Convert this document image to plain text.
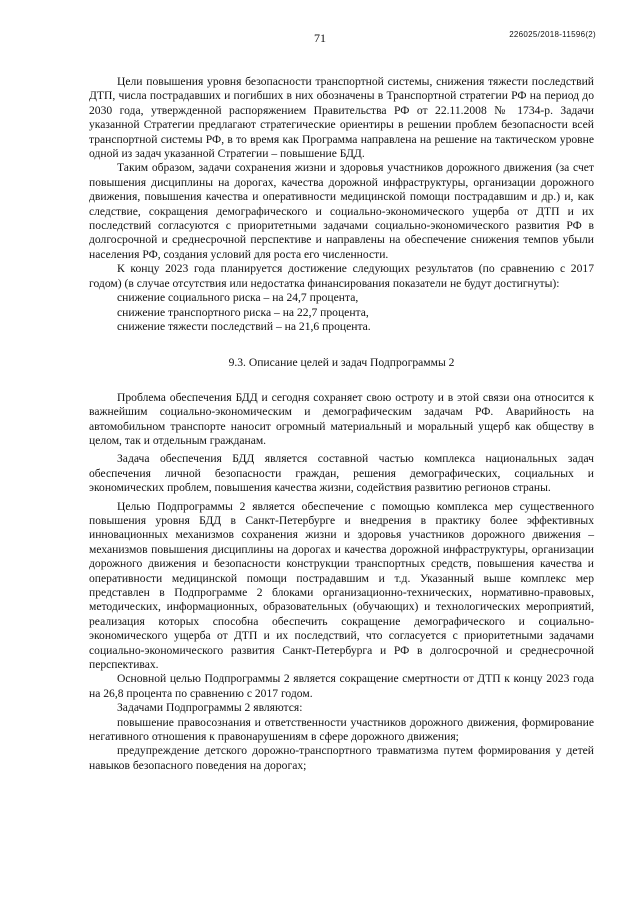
71	226025/2018-11596(2)

Цели повышения уровня безопасности транспортной системы, снижения тяжести последствий ДТП, числа пострадавших и погибших в них обозначены в Транспортной стратегии РФ на период до 2030 года, утвержденной распоряжением Правительства РФ от 22.11.2008 № 1734-р. Задачи указанной Стратегии предлагают стратегические ориентиры в решении проблем безопасности всей транспортной системы РФ, в то время как Программа направлена на решение на тактическом уровне одной из задач указанной Стратегии – повышение БДД.

Таким образом, задачи сохранения жизни и здоровья участников дорожного движения (за счет повышения дисциплины на дорогах, качества дорожной инфраструктуры, организации дорожного движения, повышения качества и оперативности медицинской помощи пострадавшим и др.) и, как следствие, сокращения демографического и социально-экономического ущерба от ДТП и их последствий согласуются с приоритетными задачами социально-экономического развития РФ в долгосрочной и среднесрочной перспективе и направлены на обеспечение снижения темпов убыли населения РФ, создания условий для роста его численности.

К концу 2023 года планируется достижение следующих результатов (по сравнению с 2017 годом) (в случае отсутствия или недостатка финансирования показатели не будут достигнуты):

снижение социального риска – на 24,7 процента,

снижение транспортного риска – на 22,7 процента,

снижение тяжести последствий – на 21,6 процента.

9.3. Описание целей и задач Подпрограммы 2

Проблема обеспечения БДД и сегодня сохраняет свою остроту и в этой связи она относится к важнейшим социально-экономическим и демографическим задачам РФ. Аварийность на автомобильном транспорте наносит огромный материальный и моральный ущерб как обществу в целом, так и отдельным гражданам.

Задача обеспечения БДД является составной частью комплекса национальных задач обеспечения личной безопасности граждан, решения демографических, социальных и экономических проблем, повышения качества жизни, содействия развитию регионов страны.

Целью Подпрограммы 2 является обеспечение с помощью комплекса мер существенного повышения уровня БДД в Санкт-Петербурге и внедрения в практику более эффективных инновационных механизмов сохранения жизни и здоровья участников дорожного движения – механизмов повышения дисциплины на дорогах и качества дорожной инфраструктуры, организации дорожного движения и безопасности конструкции транспортных средств, повышения качества и оперативности медицинской помощи пострадавшим и т.д. Указанный выше комплекс мер представлен в Подпрограмме 2 блоками организационно-технических, нормативно-правовых, методических, информационных, образовательных (обучающих) и технологических мероприятий, реализация которых способна обеспечить сокращение демографического и социально-экономического ущерба от ДТП и их последствий, что согласуется с приоритетными задачами социально-экономического развития Санкт-Петербурга и РФ в долгосрочной и среднесрочной перспективах.

Основной целью Подпрограммы 2 является сокращение смертности от ДТП к концу 2023 года на 26,8 процента по сравнению с 2017 годом.

Задачами Подпрограммы 2 являются:

повышение правосознания и ответственности участников дорожного движения, формирование негативного отношения к правонарушениям в сфере дорожного движения;

предупреждение детского дорожно-транспортного травматизма путем формирования у детей навыков безопасного поведения на дорогах;
